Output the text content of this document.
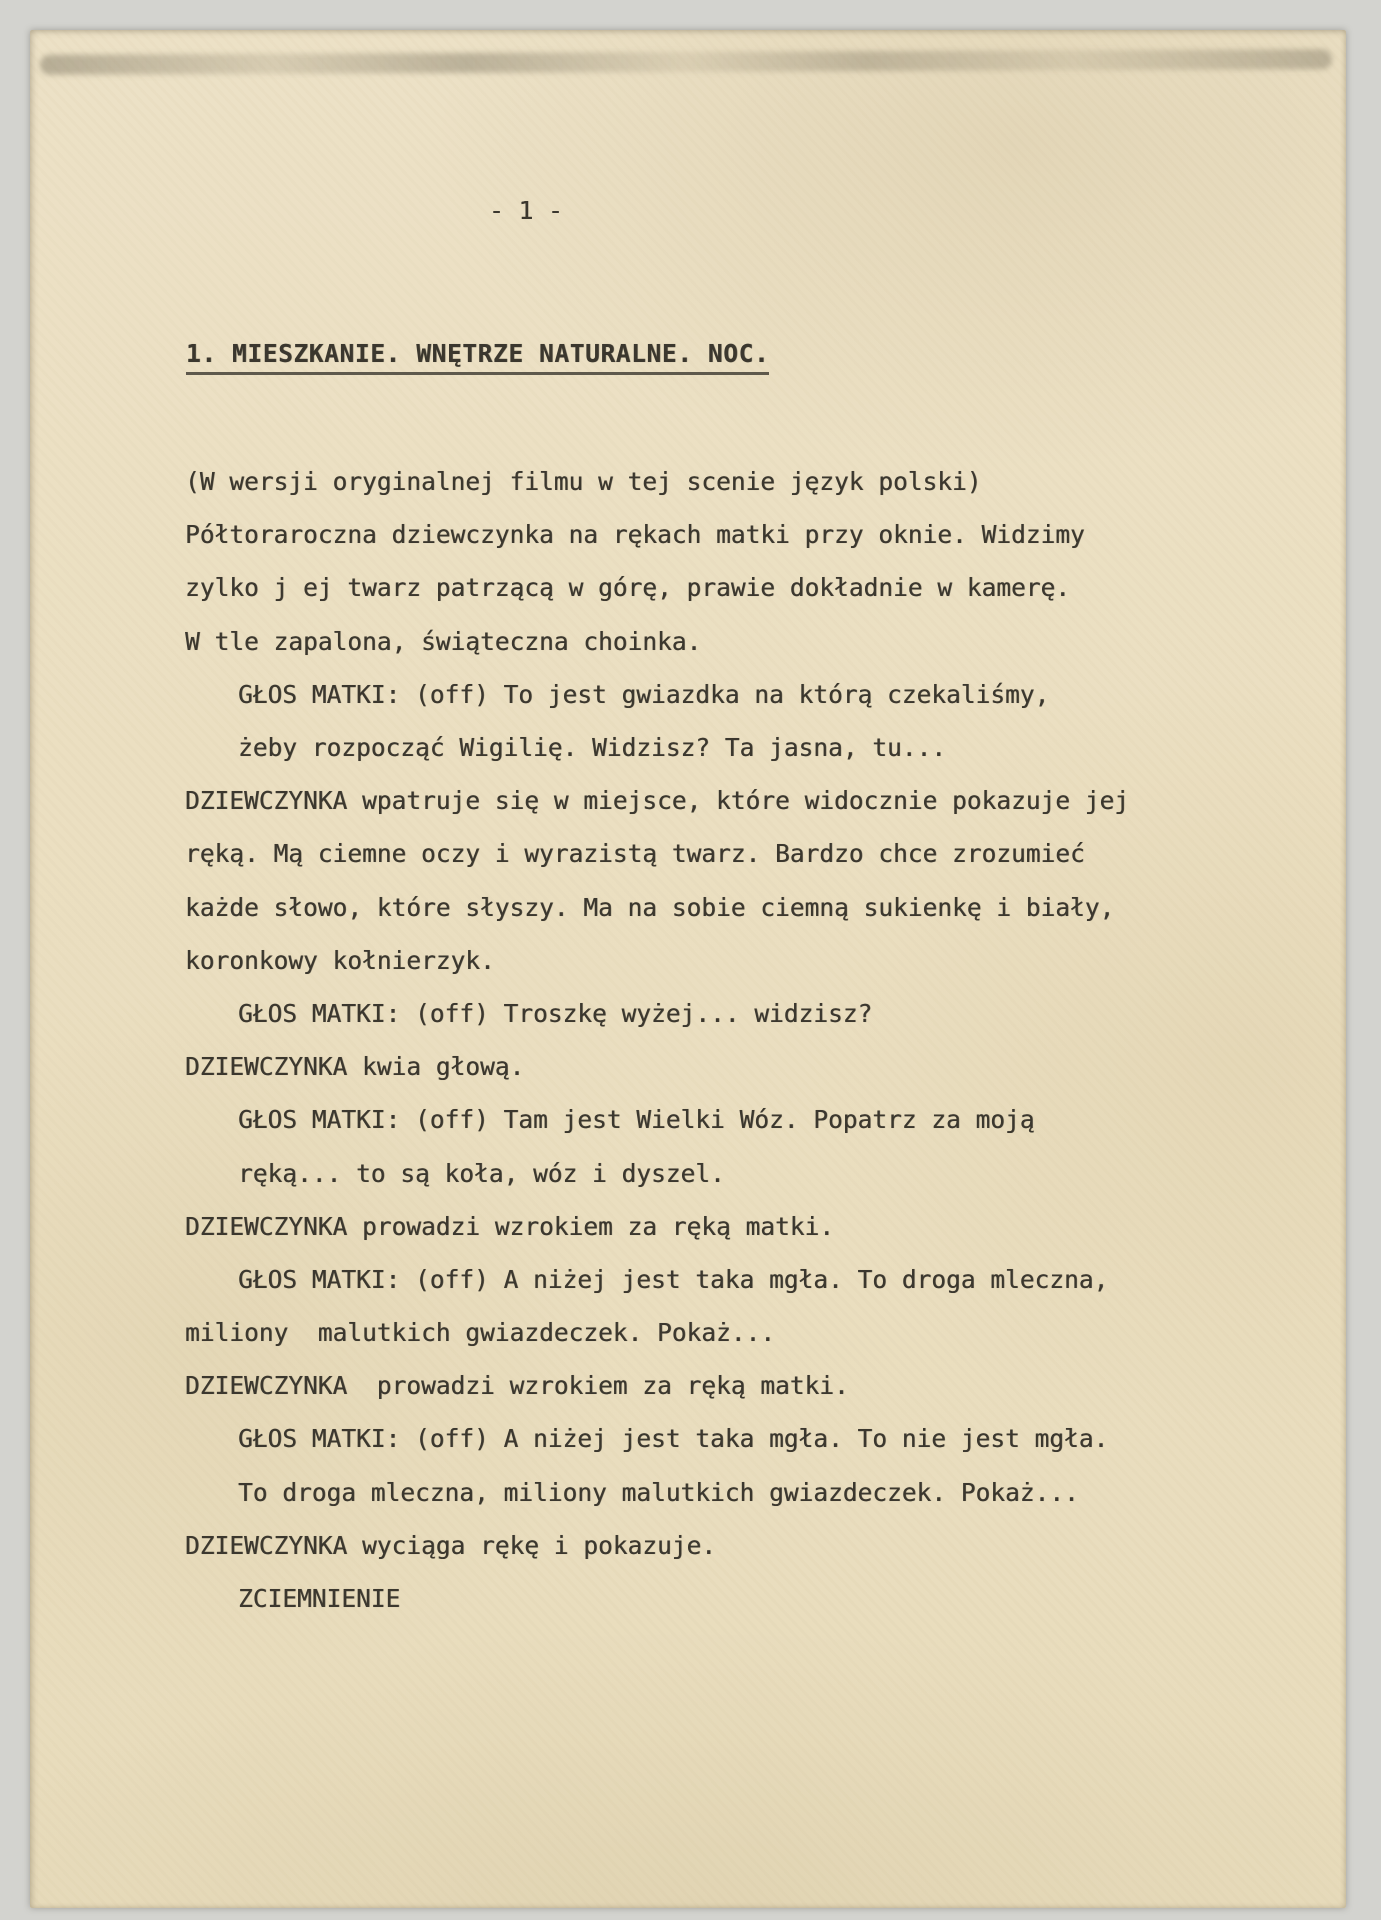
- 1 -
1. MIESZKANIE. WNĘTRZE NATURALNE. NOC.
(W wersji oryginalnej filmu w tej scenie język polski)
Półtoraroczna dziewczynka na rękach matki przy oknie. Widzimy
zylko j ej twarz patrzącą w górę, prawie dokładnie w kamerę.
W tle zapalona, świąteczna choinka.
GŁOS MATKI: (off) To jest gwiazdka na którą czekaliśmy,
żeby rozpocząć Wigilię. Widzisz? Ta jasna, tu...
DZIEWCZYNKA wpatruje się w miejsce, które widocznie pokazuje jej
ręką. Mą ciemne oczy i wyrazistą twarz. Bardzo chce zrozumieć
każde słowo, które słyszy. Ma na sobie ciemną sukienkę i biały,
koronkowy kołnierzyk.
GŁOS MATKI: (off) Troszkę wyżej... widzisz?
DZIEWCZYNKA kwia głową.
GŁOS MATKI: (off) Tam jest Wielki Wóz. Popatrz za moją
ręką... to są koła, wóz i dyszel.
DZIEWCZYNKA prowadzi wzrokiem za ręką matki.
GŁOS MATKI: (off) A niżej jest taka mgła. To droga mleczna,
miliony  malutkich gwiazdeczek. Pokaż...
DZIEWCZYNKA  prowadzi wzrokiem za ręką matki.
GŁOS MATKI: (off) A niżej jest taka mgła. To nie jest mgła.
To droga mleczna, miliony malutkich gwiazdeczek. Pokaż...
DZIEWCZYNKA wyciąga rękę i pokazuje.
ZCIEMNIENIE
